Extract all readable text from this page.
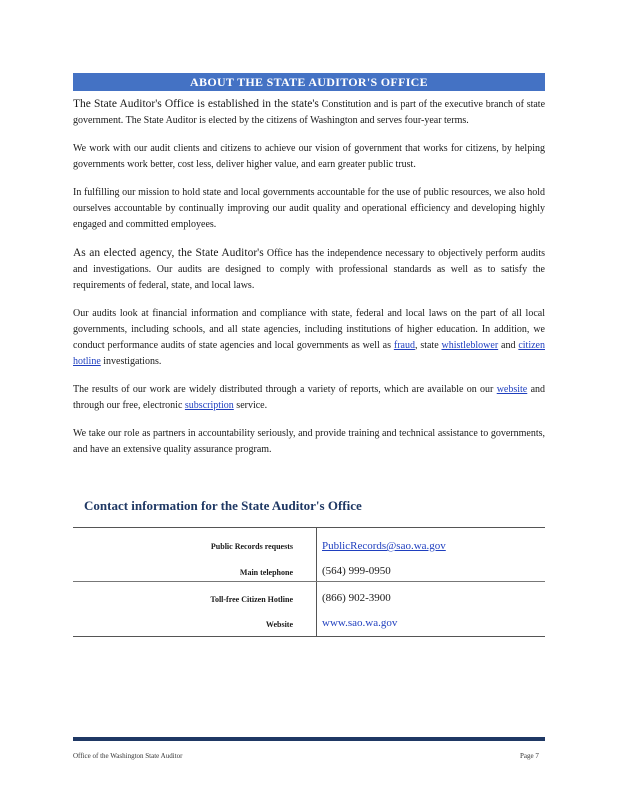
ABOUT THE STATE AUDITOR'S OFFICE

The State Auditor's Office is established in the state's Constitution and is part of the executive branch of state government. The State Auditor is elected by the citizens of Washington and serves four-year terms.

We work with our audit clients and citizens to achieve our vision of government that works for citizens, by helping governments work better, cost less, deliver higher value, and earn greater public trust.

In fulfilling our mission to hold state and local governments accountable for the use of public resources, we also hold ourselves accountable by continually improving our audit quality and operational efficiency and developing highly engaged and committed employees.

As an elected agency, the State Auditor's Office has the independence necessary to objectively perform audits and investigations. Our audits are designed to comply with professional standards as well as to satisfy the requirements of federal, state, and local laws.

Our audits look at financial information and compliance with state, federal and local laws on the part of all local governments, including schools, and all state agencies, including institutions of higher education. In addition, we conduct performance audits of state agencies and local governments as well as fraud, state whistleblower and citizen hotline investigations.

The results of our work are widely distributed through a variety of reports, which are available on our website and through our free, electronic subscription service.

We take our role as partners in accountability seriously, and provide training and technical assistance to governments, and have an extensive quality assurance program.

Contact information for the State Auditor's Office
Public Records requests	PublicRecords@sao.wa.gov
Main telephone	(564) 999-0950
Toll-free Citizen Hotline	(866) 902-3900
Website	www.sao.wa.gov
Office of the Washington State Auditor	Page 7
